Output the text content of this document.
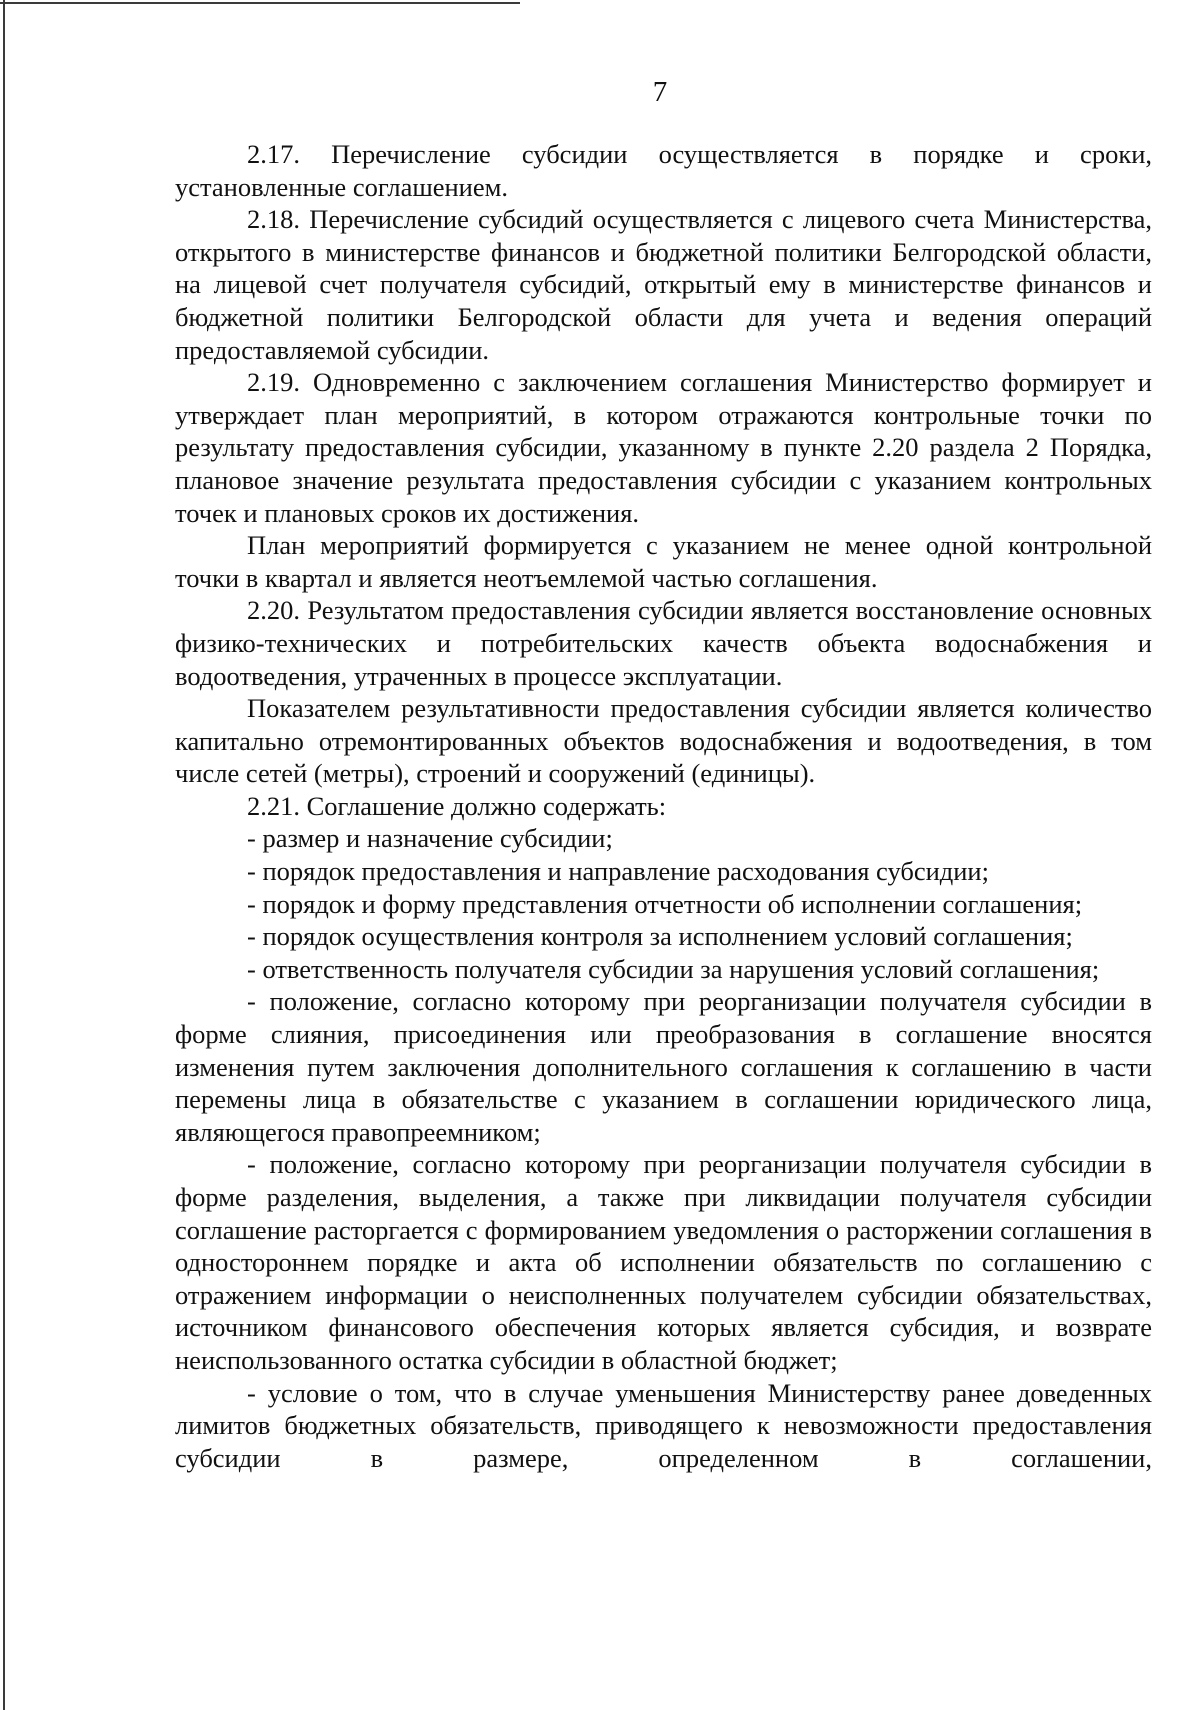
7

2.17. Перечисление субсидии осуществляется в порядке и сроки, установленные соглашением.

2.18. Перечисление субсидий осуществляется с лицевого счета Министерства, открытого в министерстве финансов и бюджетной политики Белгородской области, на лицевой счет получателя субсидий, открытый ему в министерстве финансов и бюджетной политики Белгородской области для учета и ведения операций предоставляемой субсидии.

2.19. Одновременно с заключением соглашения Министерство формирует и утверждает план мероприятий, в котором отражаются контрольные точки по результату предоставления субсидии, указанному в пункте 2.20 раздела 2 Порядка, плановое значение результата предоставления субсидии с указанием контрольных точек и плановых сроков их достижения.

План мероприятий формируется с указанием не менее одной контрольной точки в квартал и является неотъемлемой частью соглашения.

2.20. Результатом предоставления субсидии является восстановление основных физико-технических и потребительских качеств объекта водоснабжения и водоотведения, утраченных в процессе эксплуатации.

Показателем результативности предоставления субсидии является количество капитально отремонтированных объектов водоснабжения и водоотведения, в том числе сетей (метры), строений и сооружений (единицы).

2.21. Соглашение должно содержать:

- размер и назначение субсидии;

- порядок предоставления и направление расходования субсидии;

- порядок и форму представления отчетности об исполнении соглашения;

- порядок осуществления контроля за исполнением условий соглашения;

- ответственность получателя субсидии за нарушения условий соглашения;

- положение, согласно которому при реорганизации получателя субсидии в форме слияния, присоединения или преобразования в соглашение вносятся изменения путем заключения дополнительного соглашения к соглашению в части перемены лица в обязательстве с указанием в соглашении юридического лица, являющегося правопреемником;

- положение, согласно которому при реорганизации получателя субсидии в форме разделения, выделения, а также при ликвидации получателя субсидии соглашение расторгается с формированием уведомления о расторжении соглашения в одностороннем порядке и акта об исполнении обязательств по соглашению с отражением информации о неисполненных получателем субсидии обязательствах, источником финансового обеспечения которых является субсидия, и возврате неиспользованного остатка субсидии в областной бюджет;

- условие о том, что в случае уменьшения Министерству ранее доведенных лимитов бюджетных обязательств, приводящего к невозможности предоставления субсидии в размере, определенном в соглашении,
